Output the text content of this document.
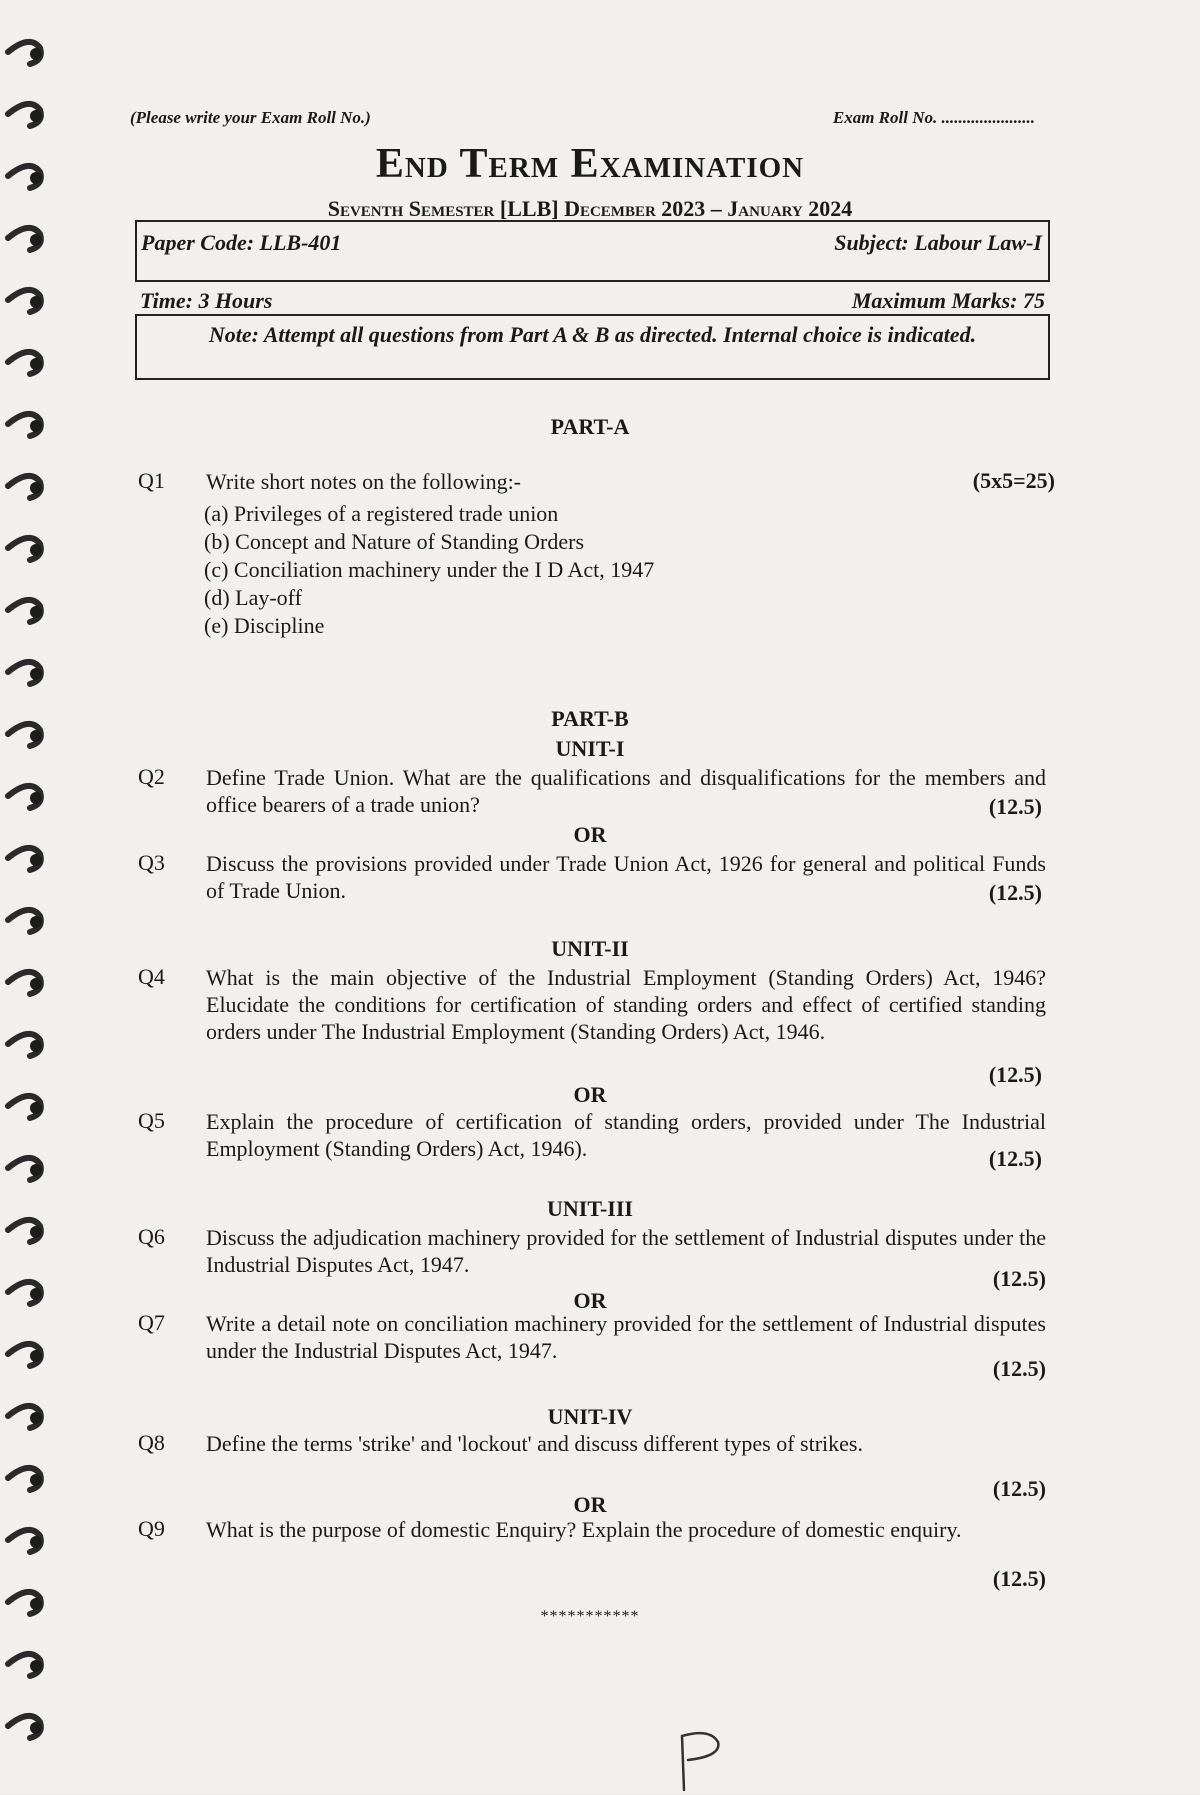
(Please write your Exam Roll No.)	Exam Roll No. ......................
End Term Examination
Seventh Semester [LLB] December 2023 – January 2024
Paper Code: LLB-401	Subject: Labour Law-I
Time: 3 Hours	Maximum Marks: 75
Note: Attempt all questions from Part A & B as directed. Internal choice is indicated.
PART-A
Q1 Write short notes on the following:-	(5x5=25)
(a) Privileges of a registered trade union
(b) Concept and Nature of Standing Orders
(c) Conciliation machinery under the I D Act, 1947
(d) Lay-off
(e) Discipline
PART-B
UNIT-I
Q2 Define Trade Union. What are the qualifications and disqualifications for the members and office bearers of a trade union?	(12.5)
OR
Q3 Discuss the provisions provided under Trade Union Act, 1926 for general and political Funds of Trade Union.	(12.5)
UNIT-II
Q4 What is the main objective of the Industrial Employment (Standing Orders) Act, 1946? Elucidate the conditions for certification of standing orders and effect of certified standing orders under The Industrial Employment (Standing Orders) Act, 1946.
(12.5)
OR
Q5 Explain the procedure of certification of standing orders, provided under The Industrial Employment (Standing Orders) Act, 1946).	(12.5)
UNIT-III
Q6 Discuss the adjudication machinery provided for the settlement of Industrial disputes under the Industrial Disputes Act, 1947.
(12.5)
OR
Q7 Write a detail note on conciliation machinery provided for the settlement of Industrial disputes under the Industrial Disputes Act, 1947.
(12.5)
UNIT-IV
Q8 Define the terms 'strike' and 'lockout' and discuss different types of strikes.
(12.5)
OR
Q9 What is the purpose of domestic Enquiry? Explain the procedure of domestic enquiry.
(12.5)
***********
